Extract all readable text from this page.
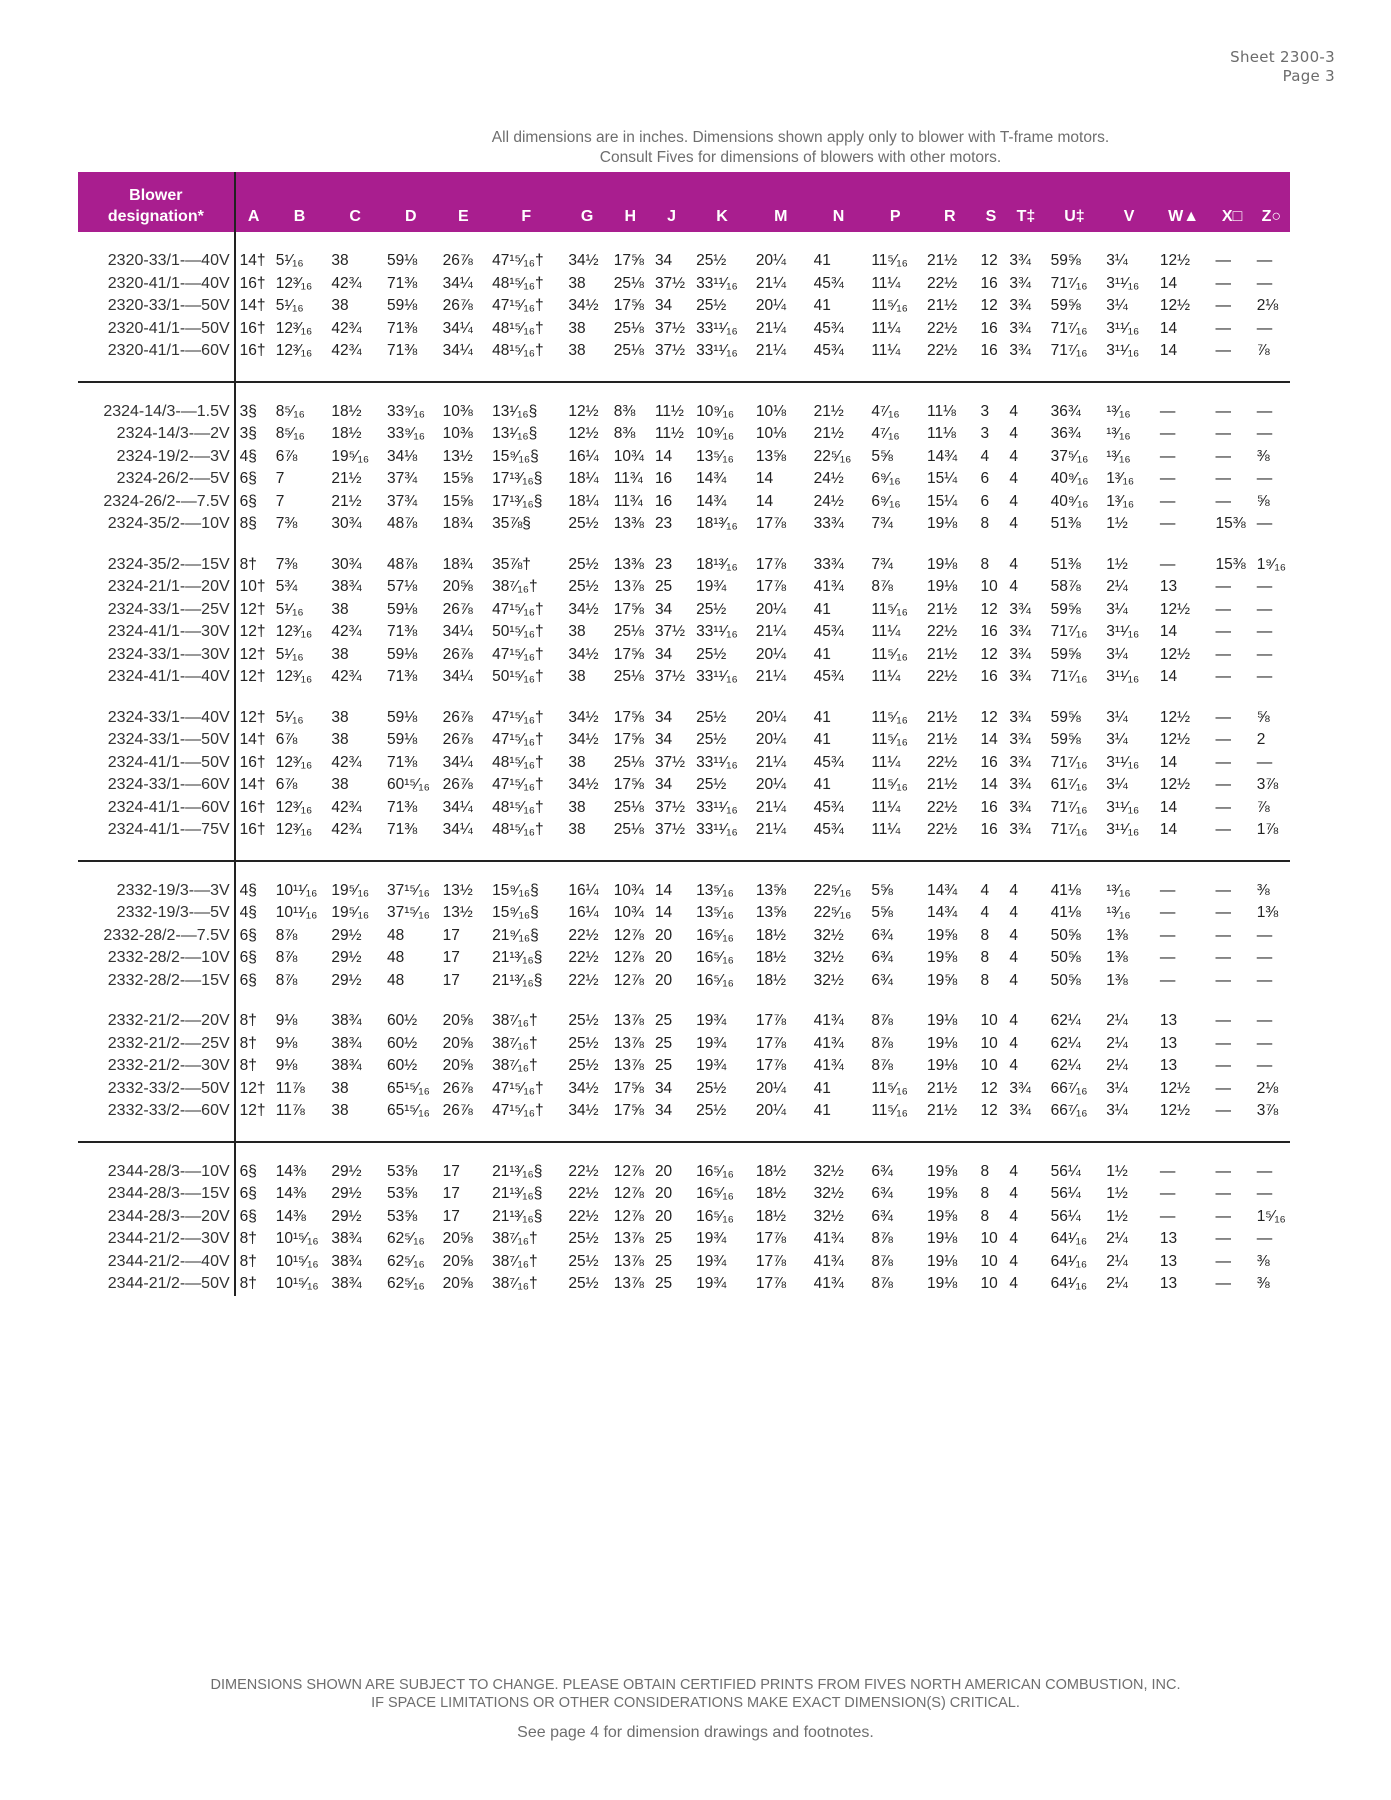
Sheet 2300-3
Page 3
All dimensions are in inches. Dimensions shown apply only to blower with T-frame motors.
Consult Fives for dimensions of blowers with other motors.
Blower
designation*	A	B	C	D	E	F	G	H	J	K	M	N	P	R	S	T‡	U‡	V	W▲	X□	Z○

2320-33/1-—40V	14†	5¹⁄₁₆	38	59⅛	26⅞	47¹⁵⁄₁₆†	34½	17⅝	34	25½	20¼	41	11⁵⁄₁₆	21½	12	3¾	59⅝	3¼	12½	—	—
2320-41/1-—40V	16†	12³⁄₁₆	42¾	71⅜	34¼	48¹⁵⁄₁₆†	38	25⅛	37½	33¹¹⁄₁₆	21¼	45¾	11¼	22½	16	3¾	71⁷⁄₁₆	3¹¹⁄₁₆	14	—	—
2320-33/1-—50V	14†	5¹⁄₁₆	38	59⅛	26⅞	47¹⁵⁄₁₆†	34½	17⅝	34	25½	20¼	41	11⁵⁄₁₆	21½	12	3¾	59⅝	3¼	12½	—	2⅛
2320-41/1-—50V	16†	12³⁄₁₆	42¾	71⅜	34¼	48¹⁵⁄₁₆†	38	25⅛	37½	33¹¹⁄₁₆	21¼	45¾	11¼	22½	16	3¾	71⁷⁄₁₆	3¹¹⁄₁₆	14	—	—
2320-41/1-—60V	16†	12³⁄₁₆	42¾	71⅜	34¼	48¹⁵⁄₁₆†	38	25⅛	37½	33¹¹⁄₁₆	21¼	45¾	11¼	22½	16	3¾	71⁷⁄₁₆	3¹¹⁄₁₆	14	—	⅞

2324-14/3-—1.5V	3§	8⁵⁄₁₆	18½	33⁹⁄₁₆	10⅜	13¹⁄₁₆§	12½	8⅜	11½	10⁹⁄₁₆	10⅛	21½	4⁷⁄₁₆	11⅛	3	4	36¾	¹³⁄₁₆	—	—	—
2324-14/3-—2V	3§	8⁵⁄₁₆	18½	33⁹⁄₁₆	10⅜	13¹⁄₁₆§	12½	8⅜	11½	10⁹⁄₁₆	10⅛	21½	4⁷⁄₁₆	11⅛	3	4	36¾	¹³⁄₁₆	—	—	—
2324-19/2-—3V	4§	6⅞	19⁵⁄₁₆	34⅛	13½	15⁹⁄₁₆§	16¼	10¾	14	13⁵⁄₁₆	13⅝	22⁵⁄₁₆	5⅝	14¾	4	4	37⁵⁄₁₆	¹³⁄₁₆	—	—	⅜
2324-26/2-—5V	6§	7	21½	37¾	15⅝	17¹³⁄₁₆§	18¼	11¾	16	14¾	14	24½	6⁹⁄₁₆	15¼	6	4	40⁹⁄₁₆	1³⁄₁₆	—	—	—
2324-26/2-—7.5V	6§	7	21½	37¾	15⅝	17¹³⁄₁₆§	18¼	11¾	16	14¾	14	24½	6⁹⁄₁₆	15¼	6	4	40⁹⁄₁₆	1³⁄₁₆	—	—	⅝
2324-35/2-—10V	8§	7⅜	30¾	48⅞	18¾	35⅞§	25½	13⅜	23	18¹³⁄₁₆	17⅞	33¾	7¾	19⅛	8	4	51⅜	1½	—	15⅜	—

2324-35/2-—15V	8†	7⅜	30¾	48⅞	18¾	35⅞†	25½	13⅜	23	18¹³⁄₁₆	17⅞	33¾	7¾	19⅛	8	4	51⅜	1½	—	15⅜	1⁹⁄₁₆
2324-21/1-—20V	10†	5¾	38¾	57⅛	20⅝	38⁷⁄₁₆†	25½	13⅞	25	19¾	17⅞	41¾	8⅞	19⅛	10	4	58⅞	2¼	13	—	—
2324-33/1-—25V	12†	5¹⁄₁₆	38	59⅛	26⅞	47¹⁵⁄₁₆†	34½	17⅝	34	25½	20¼	41	11⁵⁄₁₆	21½	12	3¾	59⅝	3¼	12½	—	—
2324-41/1-—30V	12†	12³⁄₁₆	42¾	71⅜	34¼	50¹⁵⁄₁₆†	38	25⅛	37½	33¹¹⁄₁₆	21¼	45¾	11¼	22½	16	3¾	71⁷⁄₁₆	3¹¹⁄₁₆	14	—	—
2324-33/1-—30V	12†	5¹⁄₁₆	38	59⅛	26⅞	47¹⁵⁄₁₆†	34½	17⅝	34	25½	20¼	41	11⁵⁄₁₆	21½	12	3¾	59⅝	3¼	12½	—	—
2324-41/1-—40V	12†	12³⁄₁₆	42¾	71⅜	34¼	50¹⁵⁄₁₆†	38	25⅛	37½	33¹¹⁄₁₆	21¼	45¾	11¼	22½	16	3¾	71⁷⁄₁₆	3¹¹⁄₁₆	14	—	—

2324-33/1-—40V	12†	5¹⁄₁₆	38	59⅛	26⅞	47¹⁵⁄₁₆†	34½	17⅝	34	25½	20¼	41	11⁵⁄₁₆	21½	12	3¾	59⅝	3¼	12½	—	⅝
2324-33/1-—50V	14†	6⅞	38	59⅛	26⅞	47¹⁵⁄₁₆†	34½	17⅝	34	25½	20¼	41	11⁵⁄₁₆	21½	14	3¾	59⅝	3¼	12½	—	2
2324-41/1-—50V	16†	12³⁄₁₆	42¾	71⅜	34¼	48¹⁵⁄₁₆†	38	25⅛	37½	33¹¹⁄₁₆	21¼	45¾	11¼	22½	16	3¾	71⁷⁄₁₆	3¹¹⁄₁₆	14	—	—
2324-33/1-—60V	14†	6⅞	38	60¹⁵⁄₁₆	26⅞	47¹⁵⁄₁₆†	34½	17⅝	34	25½	20¼	41	11⁵⁄₁₆	21½	14	3¾	61⁷⁄₁₆	3¼	12½	—	3⅞
2324-41/1-—60V	16†	12³⁄₁₆	42¾	71⅜	34¼	48¹⁵⁄₁₆†	38	25⅛	37½	33¹¹⁄₁₆	21¼	45¾	11¼	22½	16	3¾	71⁷⁄₁₆	3¹¹⁄₁₆	14	—	⅞
2324-41/1-—75V	16†	12³⁄₁₆	42¾	71⅜	34¼	48¹⁵⁄₁₆†	38	25⅛	37½	33¹¹⁄₁₆	21¼	45¾	11¼	22½	16	3¾	71⁷⁄₁₆	3¹¹⁄₁₆	14	—	1⅞

2332-19/3-—3V	4§	10¹¹⁄₁₆	19⁵⁄₁₆	37¹⁵⁄₁₆	13½	15⁹⁄₁₆§	16¼	10¾	14	13⁵⁄₁₆	13⅝	22⁵⁄₁₆	5⅝	14¾	4	4	41⅛	¹³⁄₁₆	—	—	⅜
2332-19/3-—5V	4§	10¹¹⁄₁₆	19⁵⁄₁₆	37¹⁵⁄₁₆	13½	15⁹⁄₁₆§	16¼	10¾	14	13⁵⁄₁₆	13⅝	22⁵⁄₁₆	5⅝	14¾	4	4	41⅛	¹³⁄₁₆	—	—	1⅜
2332-28/2-—7.5V	6§	8⅞	29½	48	17	21⁹⁄₁₆§	22½	12⅞	20	16⁵⁄₁₆	18½	32½	6¾	19⅝	8	4	50⅝	1⅜	—	—	—
2332-28/2-—10V	6§	8⅞	29½	48	17	21¹³⁄₁₆§	22½	12⅞	20	16⁵⁄₁₆	18½	32½	6¾	19⅝	8	4	50⅝	1⅜	—	—	—
2332-28/2-—15V	6§	8⅞	29½	48	17	21¹³⁄₁₆§	22½	12⅞	20	16⁵⁄₁₆	18½	32½	6¾	19⅝	8	4	50⅝	1⅜	—	—	—

2332-21/2-—20V	8†	9⅛	38¾	60½	20⅝	38⁷⁄₁₆†	25½	13⅞	25	19¾	17⅞	41¾	8⅞	19⅛	10	4	62¼	2¼	13	—	—
2332-21/2-—25V	8†	9⅛	38¾	60½	20⅝	38⁷⁄₁₆†	25½	13⅞	25	19¾	17⅞	41¾	8⅞	19⅛	10	4	62¼	2¼	13	—	—
2332-21/2-—30V	8†	9⅛	38¾	60½	20⅝	38⁷⁄₁₆†	25½	13⅞	25	19¾	17⅞	41¾	8⅞	19⅛	10	4	62¼	2¼	13	—	—
2332-33/2-—50V	12†	11⅞	38	65¹⁵⁄₁₆	26⅞	47¹⁵⁄₁₆†	34½	17⅝	34	25½	20¼	41	11⁵⁄₁₆	21½	12	3¾	66⁷⁄₁₆	3¼	12½	—	2⅛
2332-33/2-—60V	12†	11⅞	38	65¹⁵⁄₁₆	26⅞	47¹⁵⁄₁₆†	34½	17⅝	34	25½	20¼	41	11⁵⁄₁₆	21½	12	3¾	66⁷⁄₁₆	3¼	12½	—	3⅞

2344-28/3-—10V	6§	14⅜	29½	53⅝	17	21¹³⁄₁₆§	22½	12⅞	20	16⁵⁄₁₆	18½	32½	6¾	19⅝	8	4	56¼	1½	—	—	—
2344-28/3-—15V	6§	14⅜	29½	53⅝	17	21¹³⁄₁₆§	22½	12⅞	20	16⁵⁄₁₆	18½	32½	6¾	19⅝	8	4	56¼	1½	—	—	—
2344-28/3-—20V	6§	14⅜	29½	53⅝	17	21¹³⁄₁₆§	22½	12⅞	20	16⁵⁄₁₆	18½	32½	6¾	19⅝	8	4	56¼	1½	—	—	1⁵⁄₁₆
2344-21/2-—30V	8†	10¹⁵⁄₁₆	38¾	62⁵⁄₁₆	20⅝	38⁷⁄₁₆†	25½	13⅞	25	19¾	17⅞	41¾	8⅞	19⅛	10	4	64¹⁄₁₆	2¼	13	—	—
2344-21/2-—40V	8†	10¹⁵⁄₁₆	38¾	62⁵⁄₁₆	20⅝	38⁷⁄₁₆†	25½	13⅞	25	19¾	17⅞	41¾	8⅞	19⅛	10	4	64¹⁄₁₆	2¼	13	—	⅜
2344-21/2-—50V	8†	10¹⁵⁄₁₆	38¾	62⁵⁄₁₆	20⅝	38⁷⁄₁₆†	25½	13⅞	25	19¾	17⅞	41¾	8⅞	19⅛	10	4	64¹⁄₁₆	2¼	13	—	⅜
DIMENSIONS SHOWN ARE SUBJECT TO CHANGE. PLEASE OBTAIN CERTIFIED PRINTS FROM FIVES NORTH AMERICAN COMBUSTION, INC.
IF SPACE LIMITATIONS OR OTHER CONSIDERATIONS MAKE EXACT DIMENSION(S) CRITICAL.
See page 4 for dimension drawings and footnotes.
